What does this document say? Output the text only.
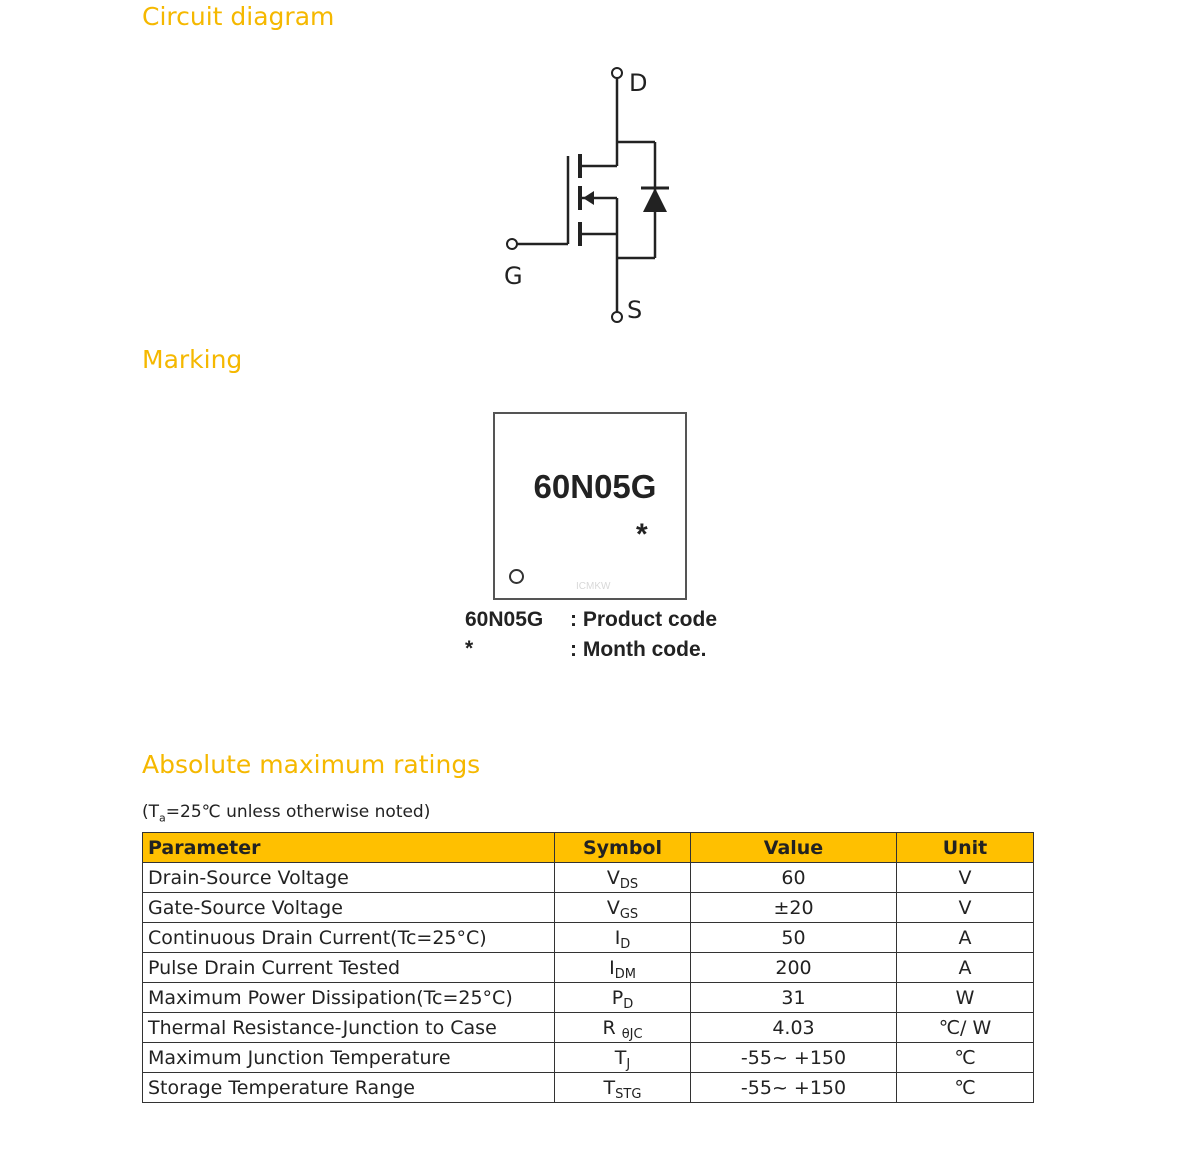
Circuit diagram
D
G
S
Marking
60N05G
*
ICMKW
60N05G : Product code
*	: Month code.
Absolute maximum ratings
($T_a=25℃$ unless otherwise noted)
Parameter	Symbol	Value	Unit
Drain-Source Voltage	$V_{DS}$	60	V
Gate-Source Voltage	$V_{GS}$	±20	V
Continuous Drain Current(Tc=25°C)	$I_D$	50	A
Pulse Drain Current Tested	$I_{DM}$	200	A
Maximum Power Dissipation(Tc=25°C)	$P_D$	31	W
Thermal Resistance-Junction to Case	R $_{\theta JC}$	4.03	℃/ W
Maximum Junction Temperature	$T_J$	-55~ +150	℃
Storage Temperature Range	$T_{STG}$	-55~ +150	℃
